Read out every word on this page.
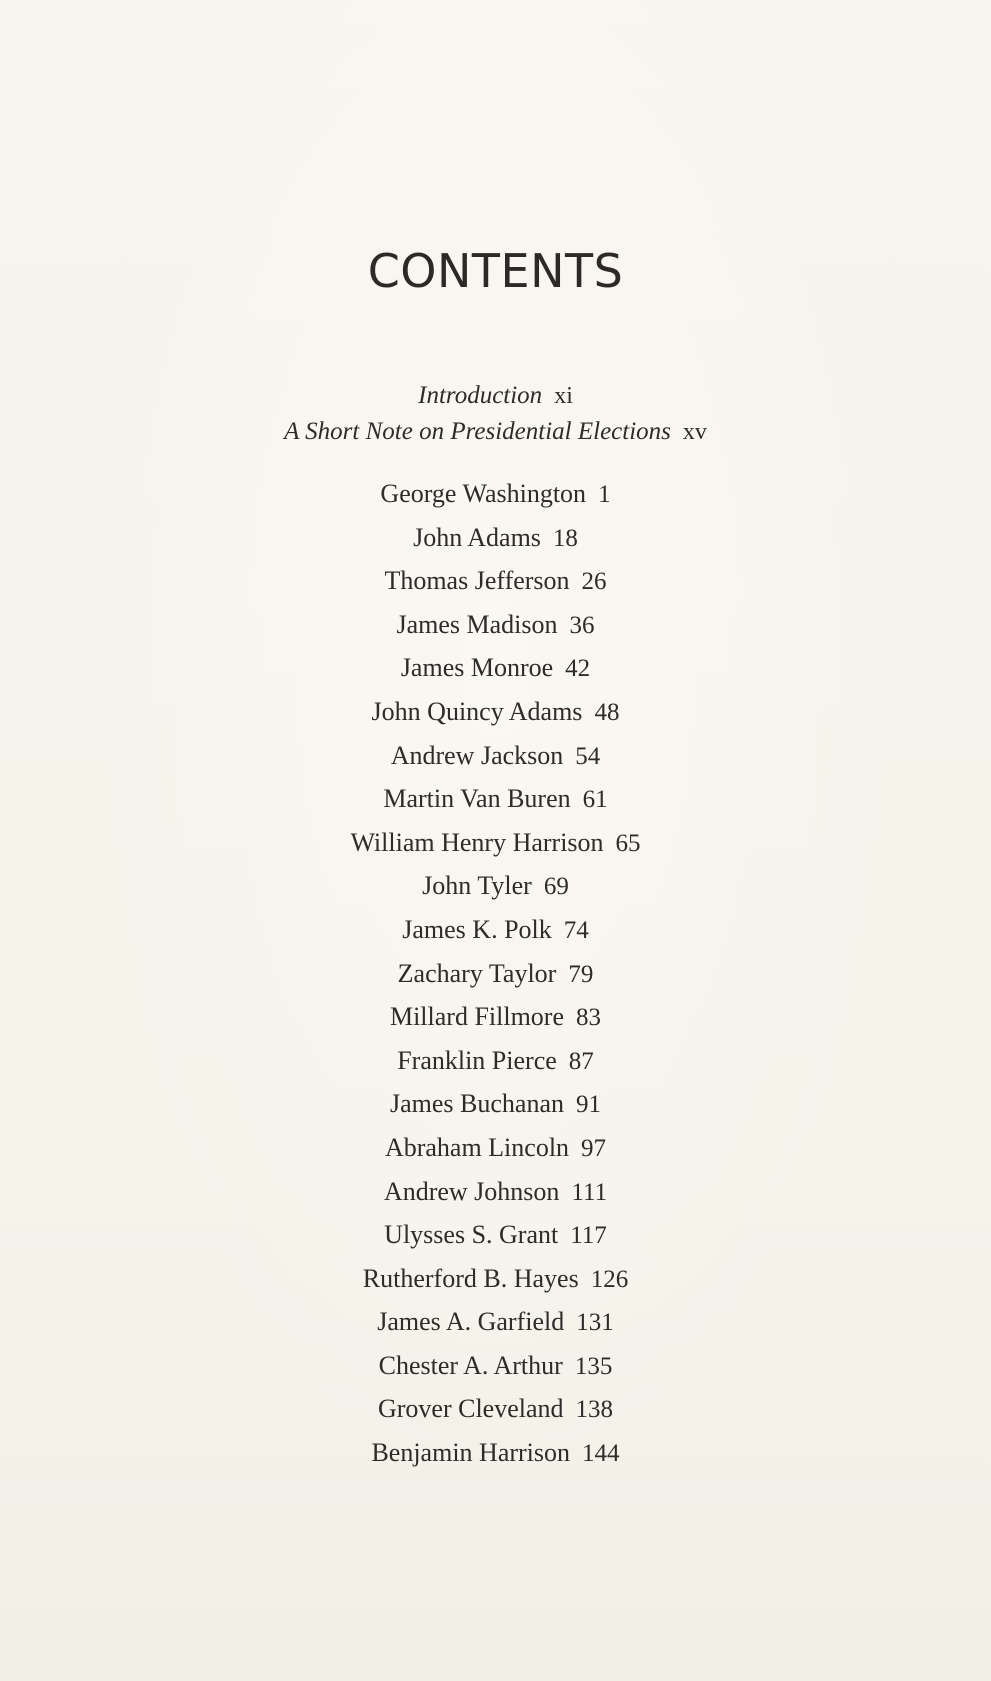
CONTENTS
Introduction xi
A Short Note on Presidential Elections xv
George Washington 1
John Adams 18
Thomas Jefferson 26
James Madison 36
James Monroe 42
John Quincy Adams 48
Andrew Jackson 54
Martin Van Buren 61
William Henry Harrison 65
John Tyler 69
James K. Polk 74
Zachary Taylor 79
Millard Fillmore 83
Franklin Pierce 87
James Buchanan 91
Abraham Lincoln 97
Andrew Johnson 111
Ulysses S. Grant 117
Rutherford B. Hayes 126
James A. Garfield 131
Chester A. Arthur 135
Grover Cleveland 138
Benjamin Harrison 144
